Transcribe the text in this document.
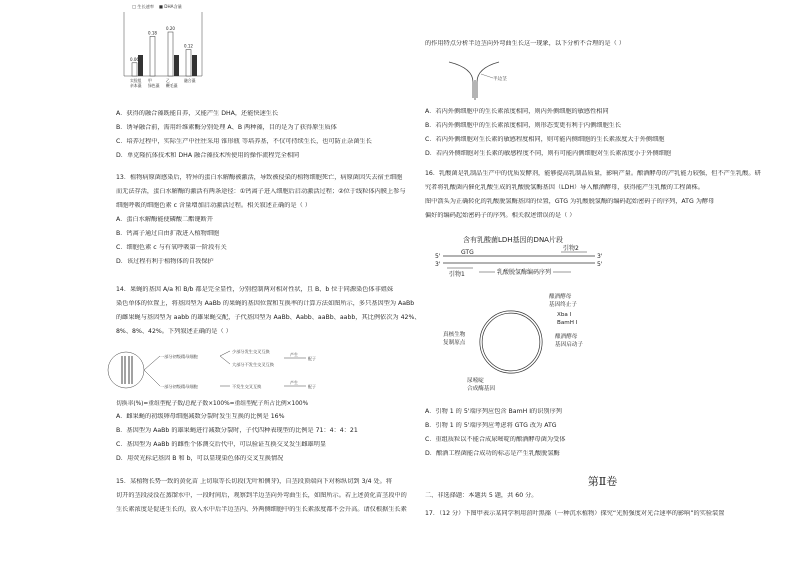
□ 生长速率 ■ DHA含量
0.06
实验组
亲本藻
0.18
甲
绿色藻
0.20
乙
鞭毛藻
0.12
融合藻
A．获得的融合藻既能自养，又能产生 DHA，还能快速生长
B．诱导融合前，需用纤维素酶分别处理 A、B 两种藻，目的是为了获得原生质体
C．培养过程中，实际生产中往往采用 锥形瓶 等培养基，不仅可持续生长，也可防止杂菌生长
D．单克隆抗体技术和 DHA 融合藻技术所使用的操作流程完全相同
13．植物病原菌感染后，特异的蛋白水解酶被激活，导致被侵染的植物细胞死亡，病原菌因失去宿主细胞
而无法存活，蛋白水解酶的激活有两条途径：①钙离子进入细胞后启动激活过程；②位于线粒体内膜上参与
细胞呼吸的细胞色素 c 含量增加启动激活过程。相关叙述正确的是（ ）
A．蛋白水解酶能使磷酸二酯键断开
B．钙离子通过自由扩散进入植物细胞
C．细胞色素 c 与有氧呼吸第一阶段有关
D．该过程有利于植物体的自我保护
14．果蝇的基因 A/a 和 B/b 都是完全显性，分别控制两对相对性状，且 B、b 位于同源染色体非姐妹
染色单体的位置上，将基因型为 AaBb 的果蝇的基因位置和互换率的计算方法如图所示，多只基因型为 AaBb
的雌果蝇与基因型为 aabb 的雄果蝇交配，子代基因型为 AaBb、Aabb、aaBb、aabb，其比例依次为 42%、
8%、8%、42%。下列叙述正确的是（ ）
一部分初级精母细胞
一部分初级精母细胞
少部分发生交叉互换
大部分不发生交叉互换
产生
配子
不发生交叉互换
产生
配子
切换率(%)=重组型配子数/总配子数×100%=重组型配子所占比例×100%
A．雌果蝇的初级卵母细胞减数分裂时发生互换的比例是 16%
B．基因型为 AaBb 的雄果蝇进行减数分裂时，子代四种表现型的比例是 71：4：4：21
C．基因型为 AaBb 的雌性个体测交后代中，可以验证互换交叉发生雌雄明显
D．用荧光标记基因 B 和 b，可以显现染色体的交叉互换情况
15．某植物长势一致的黄化苗 上切取等长切段(无叶和侧芽)，自茎段顶端向下对称纵切到 3/4 处。将
切开的茎段浸没在蒸馏水中，一段时间后，观察到半边茎向外弯曲生长，如图所示。若上述黄化苗茎段中的
生长素浓度是促进生长的，放入水中后半边茎内、外两侧细胞中的生长素浓度都不会升高。请仅根据生长素
的作用特点分析半边茎向外弯曲生长这一现象，以下分析不合理的是（ ）
半边茎
A．若内外侧细胞中的生长素浓度相同，则内外侧细胞的敏感性相同
B．若内外侧细胞中的生长素浓度相同，则形态变更有利于内侧细胞生长
C．若内外侧细胞对生长素的敏感程度相同，则可能内侧细胞的生长素浓度大于外侧细胞
D．若内外侧细胞对生长素的敏感程度不同，则有可能内侧细胞对生长素浓度小于外侧细胞
16．乳酸菌是乳制品生产中的优质发酵剂，能够提高乳制品质量，影响产量。酿酒酵母的产乳能力较强，但不产生乳酸。研
究者将乳酸菌内催化乳酸生成的乳酸脱氢酶基因（LDH）导入酿酒酵母，获得能产生乳酸的工程菌株。
图中箭头为正确转化的乳酸脱氢酶基因的位置，GTG 为乳酸脱氢酶的编码起始密码子的序列，ATG 为酵母
偏好的编码起始密码子的序列。相关叙述错误的是（ ）
含有乳酸菌LDH基因的DNA片段
5'
3'
3'
5'
GTG
引物2
引物1	乳酸脱氢酶编码序列
真核生物
复制原点
酿酒酵母
基因终止子
Xba Ⅰ
BamH Ⅰ
酿酒酵母
基因启动子
尿嘧啶
合成酶基因
A．引物 1 的 5'端序列应包含 BamH Ⅰ的识别序列
B．引物 1 的 5'端序列应考虑将 GTG 改为 ATG
C．重组质粒以不能合成尿嘧啶的酿酒酵母菌为受体
D．酿酒工程菌能合成功的标志是产生乳酸脱氢酶
第Ⅱ卷
二、非选择题：本题共 5 题，共 60 分。
17．（12 分）下图甲表示某同学利用菹叶黑藻（一种沉水植物）探究“光照强度对光合速率的影响”的实验装置
